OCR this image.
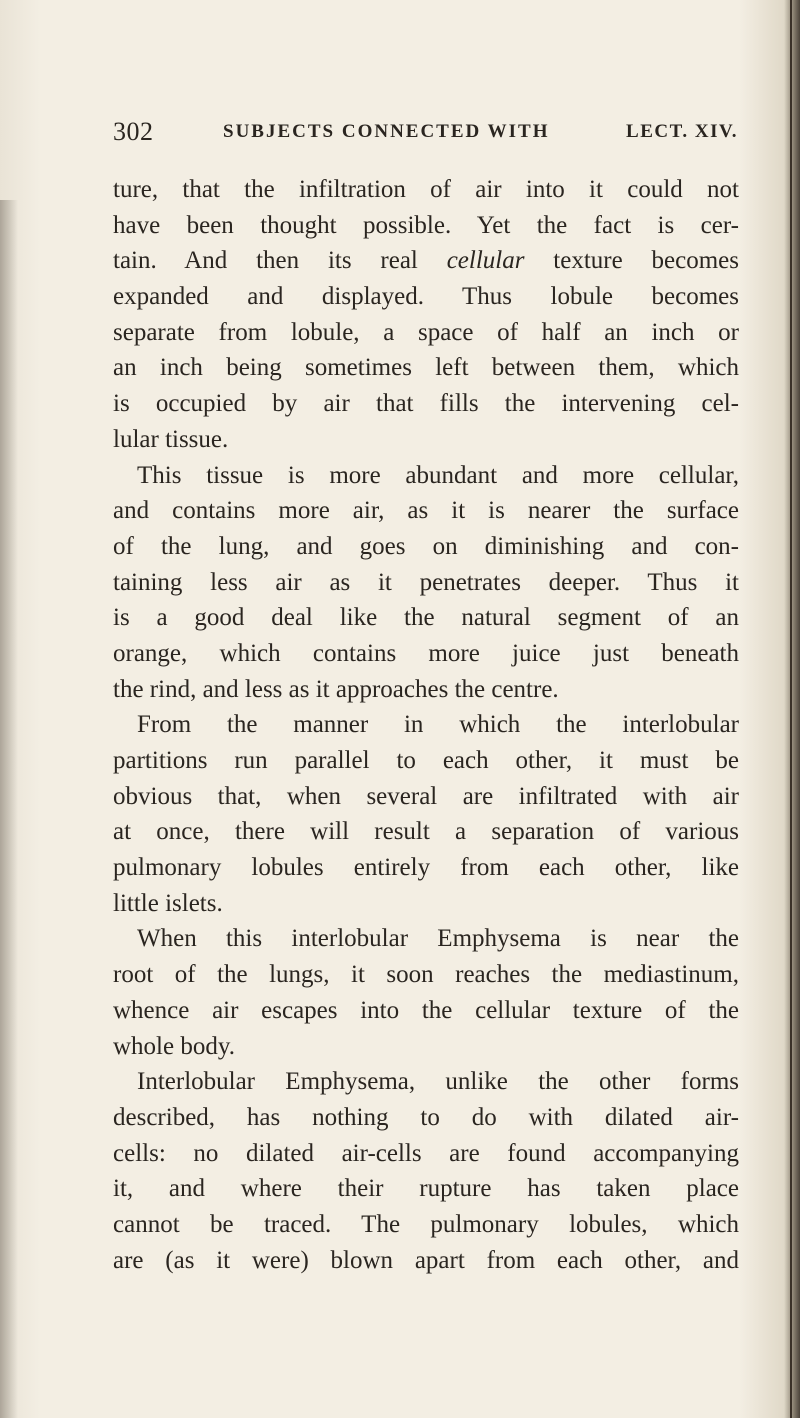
302	SUBJECTS CONNECTED WITH	LECT. XIV.
ture, that the infiltration of air into it could not
have been thought possible. Yet the fact is cer-
tain. And then its real cellular texture becomes
expanded and displayed. Thus lobule becomes
separate from lobule, a space of half an inch or
an inch being sometimes left between them, which
is occupied by air that fills the intervening cel-
lular tissue.
This tissue is more abundant and more cellular,
and contains more air, as it is nearer the surface
of the lung, and goes on diminishing and con-
taining less air as it penetrates deeper. Thus it
is a good deal like the natural segment of an
orange, which contains more juice just beneath
the rind, and less as it approaches the centre.
From the manner in which the interlobular
partitions run parallel to each other, it must be
obvious that, when several are infiltrated with air
at once, there will result a separation of various
pulmonary lobules entirely from each other, like
little islets.
When this interlobular Emphysema is near the
root of the lungs, it soon reaches the mediastinum,
whence air escapes into the cellular texture of the
whole body.
Interlobular Emphysema, unlike the other forms
described, has nothing to do with dilated air-
cells: no dilated air-cells are found accompanying
it, and where their rupture has taken place
cannot be traced. The pulmonary lobules, which
are (as it were) blown apart from each other, and
